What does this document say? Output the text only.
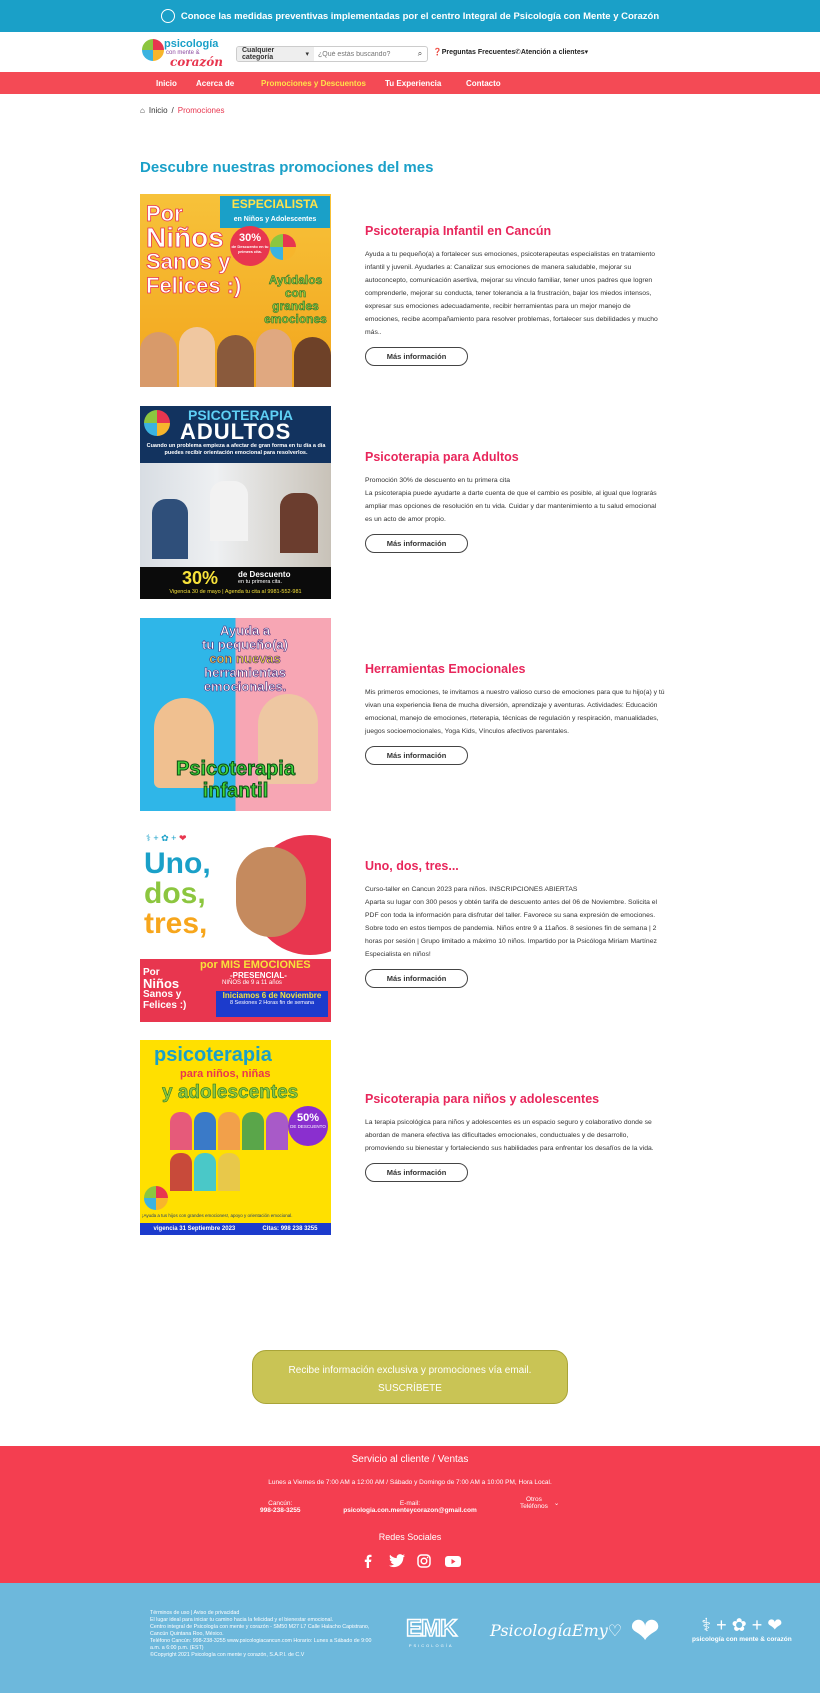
Conoce las medidas preventivas implementadas por el centro Integral de Psicología con Mente y Corazón
psicología
con mente &
corazón
Cualquier categoría	▾
¿Qué estás buscando?	⌕	❓Preguntas Frecuentes ✆Atención a clientes▾
Inicio	Acerca de	Promociones y Descuentos	Tu Experiencia	Contacto
⌂ Inicio / Promociones
Descubre nuestras promociones del mes
ESPECIALISTA
en Niños y Adolescentes
Por
Niños
Sanos y
Felices :)
30%
de Descuento en tu primera cita.
Ayúdalos
con grandes
emociones
Psicoterapia Infantil en Cancún
Ayuda a tu pequeño(a) a fortalecer sus emociones, psicoterapeutas especialistas en tratamiento infantil y juvenil. Ayudarles a: Canalizar sus emociones de manera saludable, mejorar su autoconcepto, comunicación asertiva, mejorar su vínculo familiar, tener unos padres que logren comprenderle, mejorar su conducta, tener tolerancia a la frustración, bajar los miedos intensos, expresar sus emociones adecuadamente, recibir herramientas para un mejor manejo de emociones, recibe acompañamiento para resolver problemas, fortalecer sus debilidades y mucho más..
Más información
PSICOTERAPIA
ADULTOS
Cuando un problema empieza a afectar de gran forma en tu día a día puedes recibir orientación emocional para resolverlos.
30% de Descuento
en tu primera cita.
Vigencia 30 de mayo | Agenda tu cita al 9981-552-981
Psicoterapia para Adultos
Promoción 30% de descuento en tu primera cita
La psicoterapia puede ayudarte a darte cuenta de que el cambio es posible, al igual que lograrás ampliar mas opciones de resolución en tu vida. Cuidar y dar mantenimiento a tu salud emocional es un acto de amor propio.
Más información
Ayuda a
tu pequeño(a)
con nuevas
herramientas
emocionales.
Psicoterapia
infantil
Herramientas Emocionales
Mis primeros emociones, te invitamos a nuestro valioso curso de emociones para que tu hijo(a) y tú vivan una experiencia llena de mucha diversión, aprendizaje y aventuras. Actividades: Educación emocional, manejo de emociones, rteterapia, técnicas de regulación y respiración, manualidades, juegos socioemocionales, Yoga Kids, Vínculos afectivos parentales.
Más información
⚕ + ✿ + ❤
Uno,
dos,
tres,
por MIS EMOCIONES
-PRESENCIAL-
NIÑOS de 9 a 11 años
Iniciamos 6 de Noviembre
8 Sesiones 2 Horas fin de semana
Por
Niños
Sanos y
Felices :)
Uno, dos, tres...
Curso-taller en Cancun 2023 para niños. INSCRIPCIONES ABIERTAS
Aparta su lugar con 300 pesos y obtén tarifa de descuento antes del 06 de Noviembre. Solicita el PDF con toda la información para disfrutar del taller. Favorece su sana expresión de emociones. Sobre todo en estos tiempos de pandemia. Niños entre 9 a 11años. 8 sesiones fin de semana | 2 horas por sesión | Grupo limitado a máximo 10 niños. Impartido por la Psicóloga Miriam Martínez Especialista en niños!
Más información
psicoterapia
para niños, niñas
y adolescentes
50%
DE DESCUENTO
¡Ayuda a tus hijos con grandes emociones!, apoyo y orientación emocional.
vigencia 31 Septiembre 2023	Citas: 998 238 3255
Psicoterapia para niños y adolescentes
La terapia psicológica para niños y adolescentes es un espacio seguro y colaborativo donde se abordan de manera efectiva las dificultades emocionales, conductuales y de desarrollo, promoviendo su bienestar y fortaleciendo sus habilidades para enfrentar los desafíos de la vida.
Más información
Recibe información exclusiva y promociones vía email.
SUSCRÍBETE
Servicio al cliente / Ventas
Lunes a Viernes de 7:00 AM a 12:00 AM / Sábado y Domingo de 7:00 AM a 10:00 PM, Hora Local.
Cancún:
998-238-3255
E-mail:
psicologia.con.menteycorazon@gmail.com
Otros
Teléfonos ⌄
Redes Sociales
Términos de uso | Aviso de privacidad
El lugar ideal para iniciar tu camino hacia la felicidad y el bienestar emocional.
Centro integral de Psicología con mente y corazón - SM50 M27 L7 Calle Halacho Capistrano,
Cancún Quintana Roo, México.
Teléfono Cancún: 998-238-3255 www.psicologiacancun.com Horario: Lunes a Sábado de 9:00
a.m. a 6:00 p.m. (EST)
©Copyright 2021 Psicología con mente y corazón, S.A.P.I. de C.V
EMK
PSICOLOGÍA
PsicologíaEmy♡ ❤	⚕ + ✿ + ❤
psicología con mente & corazón
